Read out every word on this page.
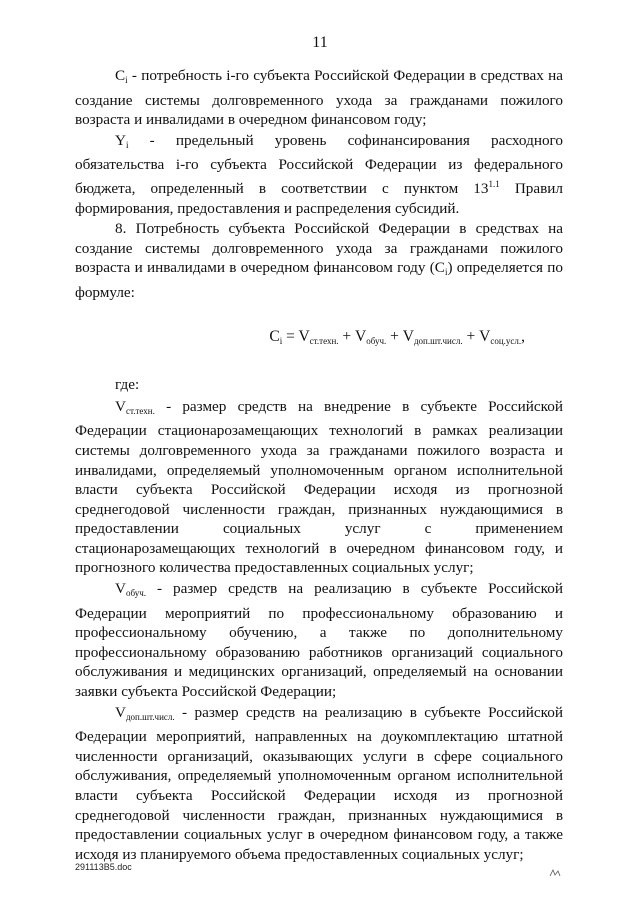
11

$C_i$ - потребность i-го субъекта Российской Федерации в средствах на создание системы долговременного ухода за гражданами пожилого возраста и инвалидами в очередном финансовом году;

$Y_i$ - предельный уровень софинансирования расходного обязательства i-го субъекта Российской Федерации из федерального бюджета, определенный в соответствии с пунктом $13^{1.1}$ Правил формирования, предоставления и распределения субсидий.

8. Потребность субъекта Российской Федерации в средствах на создание системы долговременного ухода за гражданами пожилого возраста и инвалидами в очередном финансовом году $(C_i)$ определяется по формуле:

$C_i = V_{ст.техн.} + V_{обуч.} + V_{доп.шт.числ.} + V_{соц.усл.}$,

где:

$V_{ст.техн.}$ - размер средств на внедрение в субъекте Российской Федерации стационарозамещающих технологий в рамках реализации системы долговременного ухода за гражданами пожилого возраста и инвалидами, определяемый уполномоченным органом исполнительной власти субъекта Российской Федерации исходя из прогнозной среднегодовой численности граждан, признанных нуждающимися в предоставлении социальных услуг с применением стационарозамещающих технологий в очередном финансовом году, и прогнозного количества предоставленных социальных услуг;

$V_{обуч.}$ - размер средств на реализацию в субъекте Российской Федерации мероприятий по профессиональному образованию и профессиональному обучению, а также по дополнительному профессиональному образованию работников организаций социального обслуживания и медицинских организаций, определяемый на основании заявки субъекта Российской Федерации;

$V_{доп.шт.числ.}$ - размер средств на реализацию в субъекте Российской Федерации мероприятий, направленных на доукомплектацию штатной численности организаций, оказывающих услуги в сфере социального обслуживания, определяемый уполномоченным органом исполнительной власти субъекта Российской Федерации исходя из прогнозной среднегодовой численности граждан, признанных нуждающимися в предоставлении социальных услуг в очередном финансовом году, а также исходя из планируемого объема предоставленных социальных услуг;

291113В5.doc
